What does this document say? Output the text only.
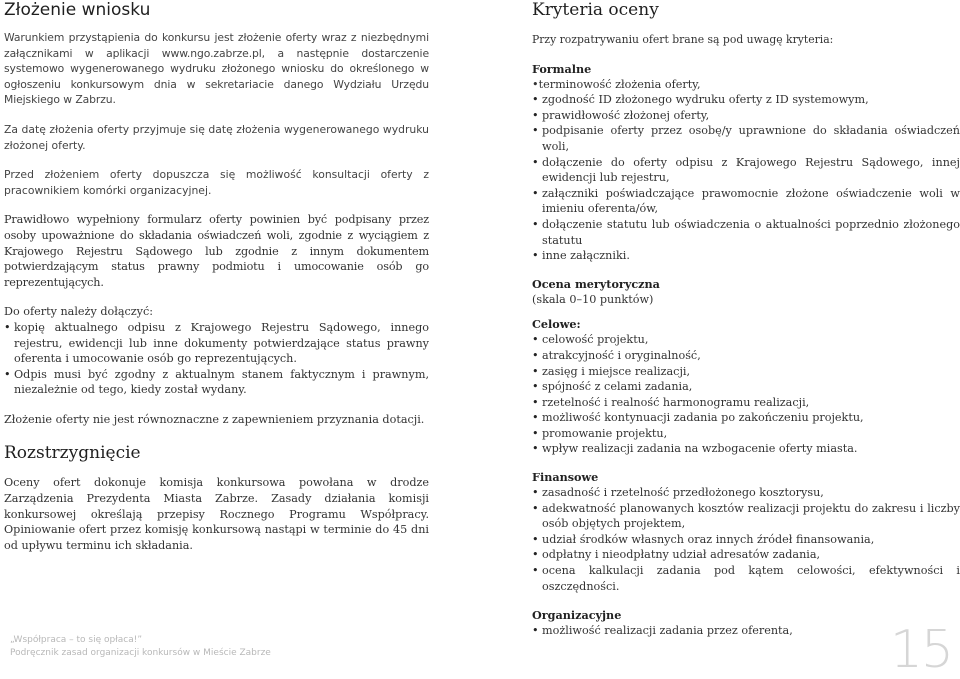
Złożenie wniosku

Warunkiem przystąpienia do konkursu jest złożenie oferty wraz z niezbędnymi załącznikami w aplikacji www.ngo.zabrze.pl, a następnie dostarczenie systemowo wygenerowanego wydruku złożonego wniosku do określonego w ogłoszeniu konkursowym dnia w sekretariacie danego Wydziału Urzędu Miejskiego w Zabrzu.

Za datę złożenia oferty przyjmuje się datę złożenia wygenerowanego wydruku złożonej oferty.

Przed złożeniem oferty dopuszcza się możliwość konsultacji oferty z pracownikiem komórki organizacyjnej.

Prawidłowo wypełniony formularz oferty powinien być podpisany przez osoby upoważnione do składania oświadczeń woli, zgodnie z wyciągiem z Krajowego Rejestru Sądowego lub zgodnie z innym dokumentem potwierdzającym status prawny podmiotu i umocowanie osób go reprezentujących.

Do oferty należy dołączyć:

• kopię aktualnego odpisu z Krajowego Rejestru Sądowego, innego rejestru, ewidencji lub inne dokumenty potwierdzające status prawny oferenta i umocowanie osób go reprezentujących.
• Odpis musi być zgodny z aktualnym stanem faktycznym i prawnym, niezależnie od tego, kiedy został wydany.

Złożenie oferty nie jest równoznaczne z zapewnieniem przyznania dotacji.

Rozstrzygnięcie

Oceny ofert dokonuje komisja konkursowa powołana w drodze Zarządzenia Prezydenta Miasta Zabrze. Zasady działania komisji konkursowej określają przepisy Rocznego Programu Współpracy. Opiniowanie ofert przez komisję konkursową nastąpi w terminie do 45 dni od upływu terminu ich składania.

Kryteria oceny

Przy rozpatrywaniu ofert brane są pod uwagę kryteria:

Formalne

•terminowość złożenia oferty,

• zgodność ID złożonego wydruku oferty z ID systemowym,
• prawidłowość złożonej oferty,
• podpisanie oferty przez osobę/y uprawnione do składania oświadczeń woli,
• dołączenie do oferty odpisu z Krajowego Rejestru Sądowego, innej ewidencji lub rejestru,
• załączniki poświadczające prawomocnie złożone oświadczenie woli w imieniu oferenta/ów,
• dołączenie statutu lub oświadczenia o aktualności poprzednio złożonego statutu
• inne załączniki.

Ocena merytoryczna

(skala 0–10 punktów)

Celowe:

• celowość projektu,
• atrakcyjność i oryginalność,
• zasięg i miejsce realizacji,
• spójność z celami zadania,
• rzetelność i realność harmonogramu realizacji,
• możliwość kontynuacji zadania po zakończeniu projektu,
• promowanie projektu,
• wpływ realizacji zadania na wzbogacenie oferty miasta.

Finansowe

• zasadność i rzetelność przedłożonego kosztorysu,
• adekwatność planowanych kosztów realizacji projektu do zakresu i liczby osób objętych projektem,
• udział środków własnych oraz innych źródeł finansowania,
• odpłatny i nieodpłatny udział adresatów zadania,
• ocena kalkulacji zadania pod kątem celowości, efektywności i oszczędności.

Organizacyjne

• możliwość realizacji zadania przez oferenta,
„Współpraca – to się opłaca!”
Podręcznik zasad organizacji konkursów w Mieście Zabrze	15
